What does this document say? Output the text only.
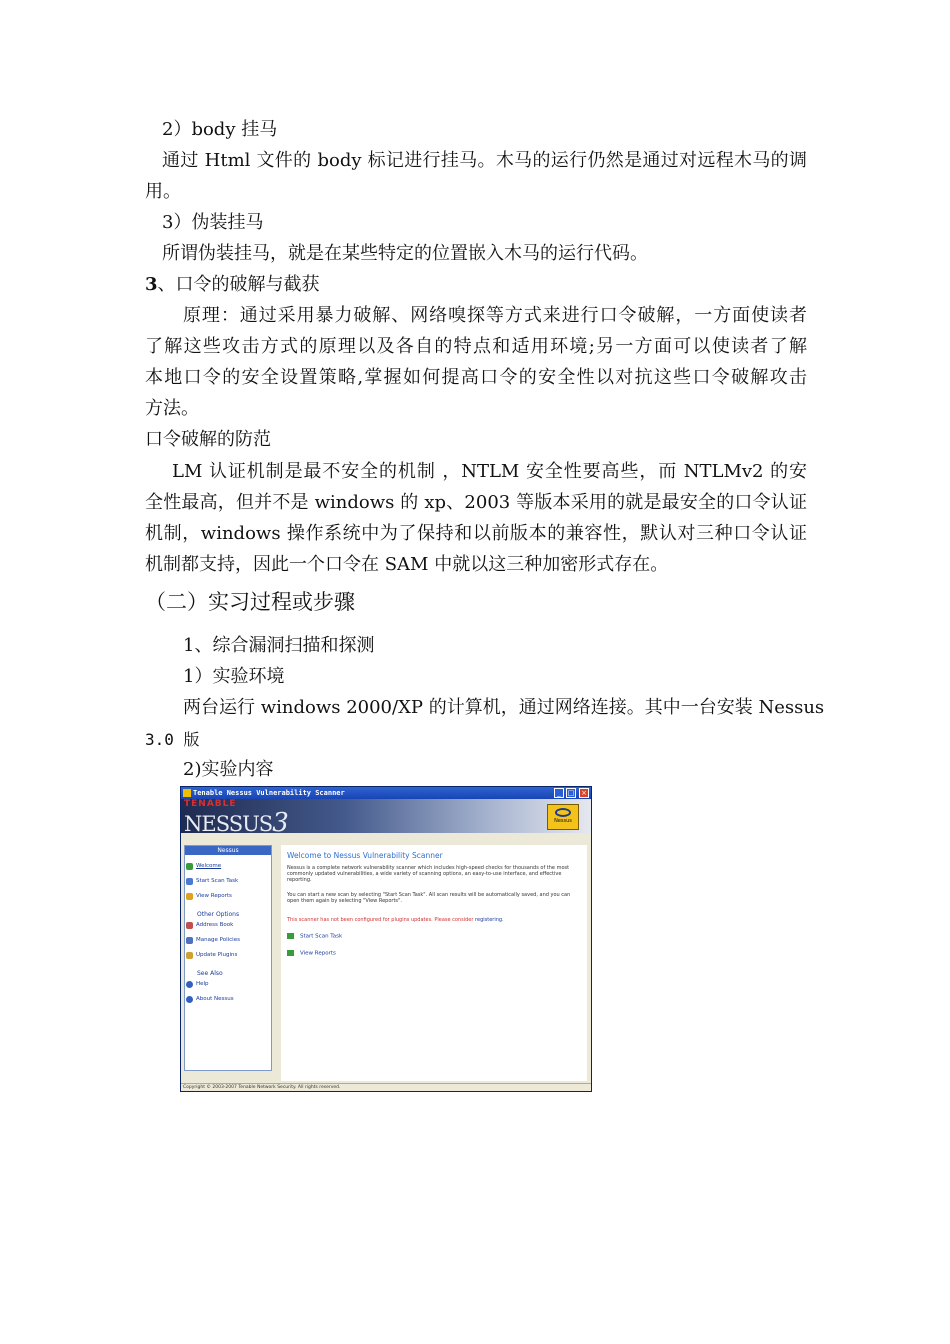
2）body 挂马
通过 Html 文件的 body 标记进行挂马。木马的运行仍然是通过对远程木马的调
用。
3）伪装挂马
所谓伪装挂马，就是在某些特定的位置嵌入木马的运行代码。
3、口令的破解与截获
原理：通过采用暴力破解、网络嗅探等方式来进行口令破解，一方面使读者
了解这些攻击方式的原理以及各自的特点和适用环境;另一方面可以使读者了解
本地口令的安全设置策略,掌握如何提高口令的安全性以对抗这些口令破解攻击
方法。
口令破解的防范
LM 认证机制是最不安全的机制 ，NTLM 安全性要高些，而 NTLMv2 的安
全性最高，但并不是 windows 的 xp、2003 等版本采用的就是最安全的口令认证
机制，windows 操作系统中为了保持和以前版本的兼容性，默认对三种口令认证
机制都支持，因此一个口令在 SAM 中就以这三种加密形式存在。
（二）实习过程或步骤
1、综合漏洞扫描和探测
1）实验环境
两台运行 windows 2000/XP 的计算机，通过网络连接。其中一台安装 Nessus
3.0 版
2)实验内容
Tenable Nessus Vulnerability Scanner	_ □ ×
TENABLE
NESSUS3	Nessus
Nessus
Welcome
Start Scan Task
View Reports
Other Options
Address Book
Manage Policies
Update Plugins
See Also
Help
About Nessus
Welcome to Nessus Vulnerability Scanner
Nessus is a complete network vulnerability scanner which includes high-speed checks for thousands of the most commonly updated vulnerabilities, a wide variety of scanning options, an easy-to-use interface, and effective reporting.
You can start a new scan by selecting "Start Scan Task". All scan results will be automatically saved, and you can open them again by selecting "View Reports".
This scanner has not been configured for plugins updates. Please consider registering.
Start Scan Task
View Reports
Copyright © 2003-2007 Tenable Network Security. All rights reserved.
